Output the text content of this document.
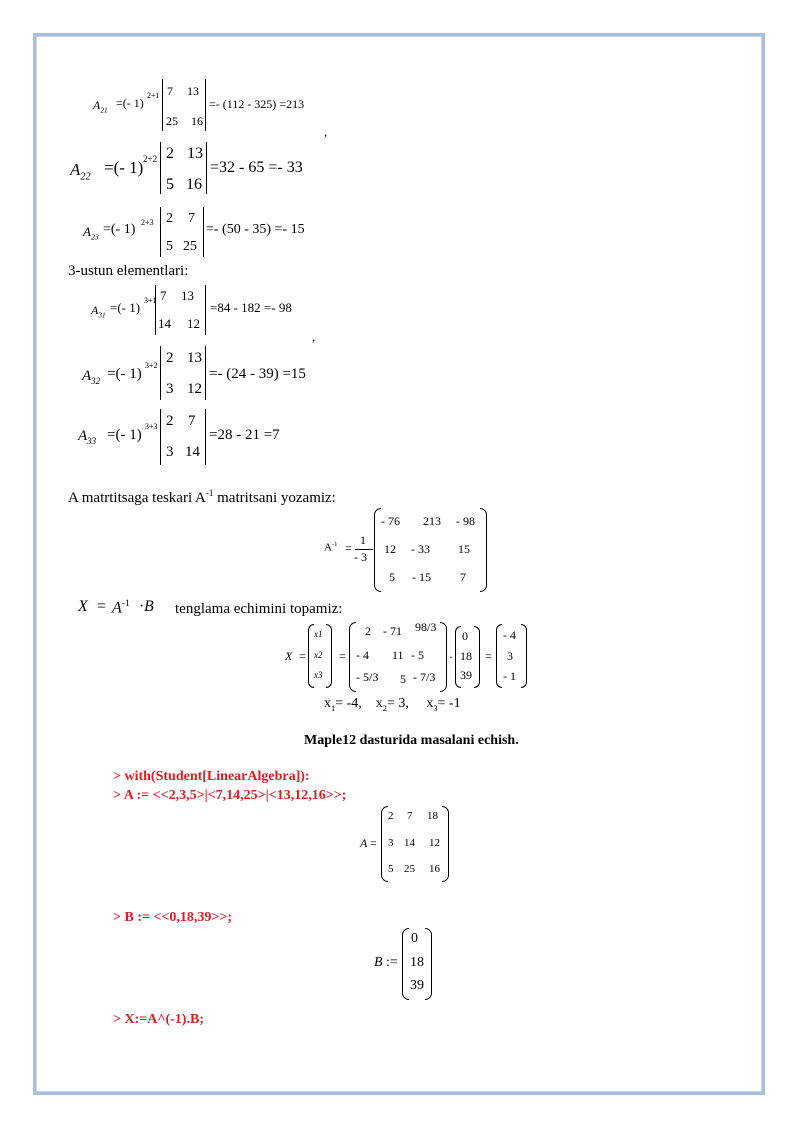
$A_{21}$
=(- 1)
2+1 7 13
25 16
=- (112 - 325) =213
,
$A_{22}$ =(- 1) 2+2 2 13
5 16
=32 - 65 =- 33
$A_{23}$
=(- 1) 2+3 2 7
5 25
=- (50 - 35) =- 15
3-ustun elementlari:
$A_{31}$
=(- 1) 3+1 7 13
14 12
=84 - 182 =- 98
,
$A_{32}$ =(- 1)
3+2 2 13
3 12
=- (24 - 39) =15
$A_{33}$ =(- 1)
3+3 2 7
3 14
=28 - 21 =7
A matrtitsaga teskari $A^{-1}$ matritsani yozamiz:
$A^{-1}$ =
1
- 3
- 76 213 - 98
12 - 33 15
5 - 15 7
$X = A^{-1} \cdot B$ tenglama echimini topamiz:
X =
x1
x2
x3
=
2 - 71 98/3
- 4 11 - 5
- 5/3 5 - 7/3
·
0
18
39
=
- 4
3
- 1
$x_1= -4$, $x_2= 3$, $x_3= -1$
Maple12 dasturida masalani echish.
> with(Student[LinearAlgebra]):
> A := <<2,3,5>|<7,14,25>|<13,12,16>>;
A =
2 7 18
3 14 12
5 25 16
> B := <<0,18,39>>;
B :=
0
18
39
> X:=A^(-1).B;
